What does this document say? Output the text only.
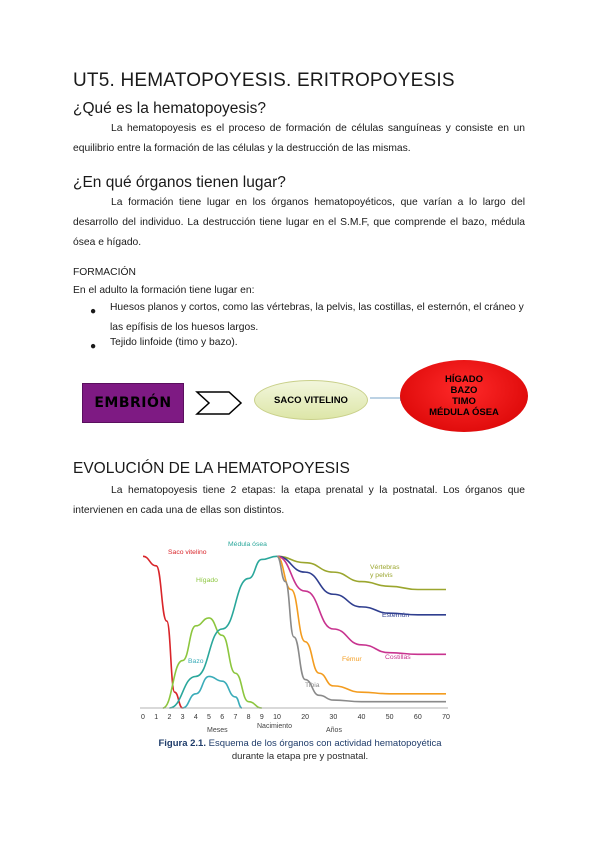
UT5. HEMATOPOYESIS. ERITROPOYESIS
¿Qué es la hematopoyesis?
La hematopoyesis es el proceso de formación de células sanguíneas y consiste en un equilibrio entre la formación de las células y la destrucción de las mismas.
¿En qué órganos tienen lugar?
La formación tiene lugar en los órganos hematopoyéticos, que varían a lo largo del desarrollo del individuo. La destrucción tiene lugar en el S.M.F, que comprende el bazo, médula ósea e hígado.
FORMACIÓN
En el adulto la formación tiene lugar en:
● Huesos planos y cortos, como las vértebras, la pelvis, las costillas, el esternón, el cráneo y las epífisis de los huesos largos.
● Tejido linfoide (timo y bazo).
EMBRIÓN	SACO VITELINO
HÍGADO
BAZO
TIMO
MÉDULA ÓSEA
EVOLUCIÓN DE LA HEMATOPOYESIS
La hematopoyesis tiene 2 etapas: la etapa prenatal y la postnatal. Los órganos que intervienen en cada una de ellas son distintos.
0 1 2 3 4 5 6 7 8 9 10	20	30	40	50	60	70
Saco vitelino
Hígado
Bazo
Médula ósea
Vértebras y pelvis
Esternón
Costillas
Fémur
Tibia
Meses
Nacimiento
Años
Figura 2.1. Esquema de los órganos con actividad hematopoyética
durante la etapa pre y postnatal.
